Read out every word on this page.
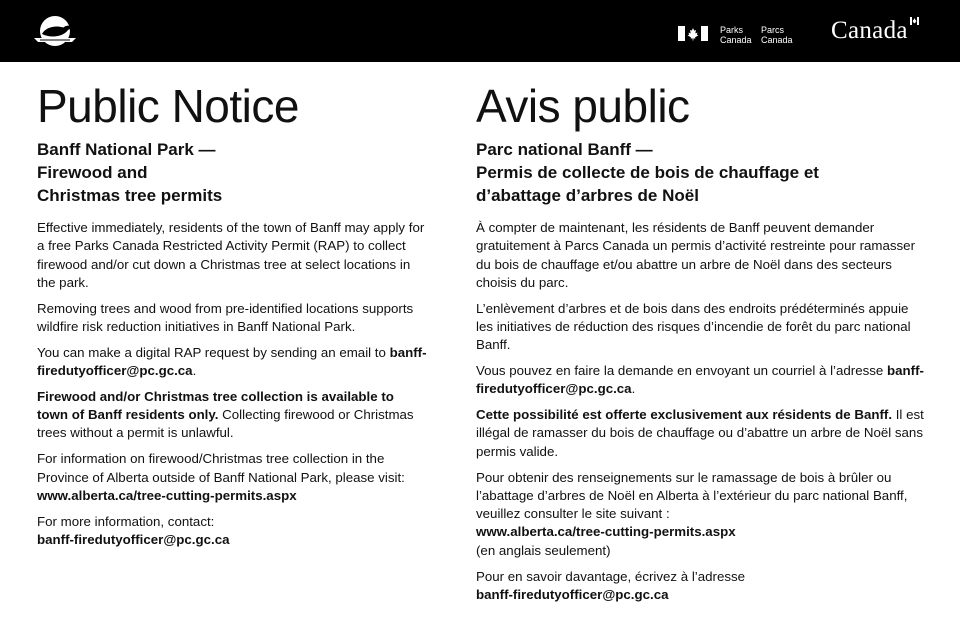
Parks
Canada
Parcs
Canada Canada
Public Notice
Banff National Park —
Firewood and
Christmas tree permits

Effective immediately, residents of the town of Banff may apply for a free Parks Canada Restricted Activity Permit (RAP) to collect firewood and/or cut down a Christmas tree at select locations in the park.

Removing trees and wood from pre-identified locations supports wildfire risk reduction initiatives in Banff National Park.

You can make a digital RAP request by sending an email to banff-firedutyofficer@pc.gc.ca.

Firewood and/or Christmas tree collection is available to town of Banff residents only. Collecting firewood or Christmas trees without a permit is unlawful.

For information on firewood/Christmas tree collection in the Province of Alberta outside of Banff National Park, please visit:
www.alberta.ca/tree-cutting-permits.aspx

For more information, contact:
banff-firedutyofficer@pc.gc.ca

Avis public
Parc national Banff —
Permis de collecte de bois de chauffage et
d’abattage d’arbres de Noël

À compter de maintenant, les résidents de Banff peuvent demander gratuitement à Parcs Canada un permis d’activité restreinte pour ramasser du bois de chauffage et/ou abattre un arbre de Noël dans des secteurs choisis du parc.

L’enlèvement d’arbres et de bois dans des endroits prédéterminés appuie les initiatives de réduction des risques d’incendie de forêt du parc national Banff.

Vous pouvez en faire la demande en envoyant un courriel à l’adresse banff-firedutyofficer@pc.gc.ca.

Cette possibilité est offerte exclusivement aux résidents de Banff. Il est illégal de ramasser du bois de chauffage ou d’abattre un arbre de Noël sans permis valide.

Pour obtenir des renseignements sur le ramassage de bois à brûler ou l’abattage d’arbres de Noël en Alberta à l’extérieur du parc national Banff, veuillez consulter le site suivant :
www.alberta.ca/tree-cutting-permits.aspx
(en anglais seulement)

Pour en savoir davantage, écrivez à l’adresse
banff-firedutyofficer@pc.gc.ca
